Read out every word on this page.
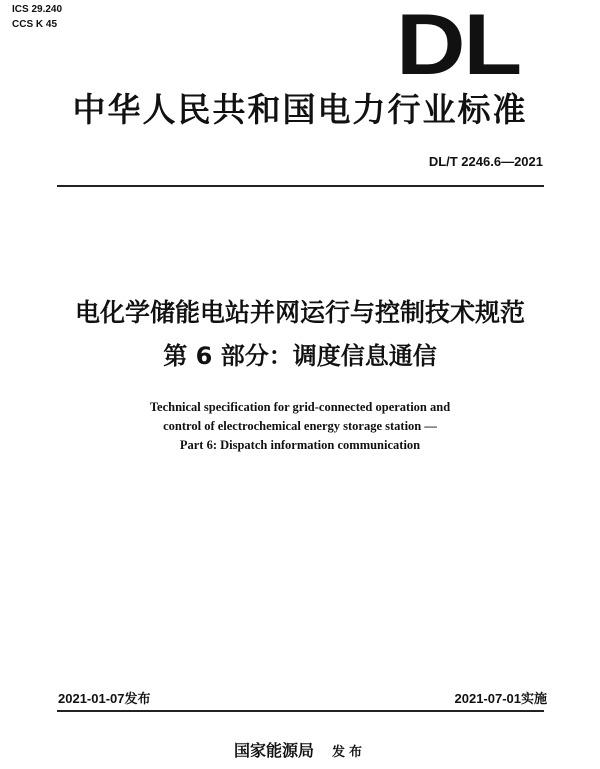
ICS 29.240
CCS K 45	DL
中华人民共和国电力行业标准
DL/T 2246.6—2021
电化学储能电站并网运行与控制技术规范
第 6 部分：调度信息通信
Technical specification for grid-connected operation and
control of electrochemical energy storage station —
Part 6: Dispatch information communication
2021-01-07发布	2021-07-01实施
国家能源局 发布
